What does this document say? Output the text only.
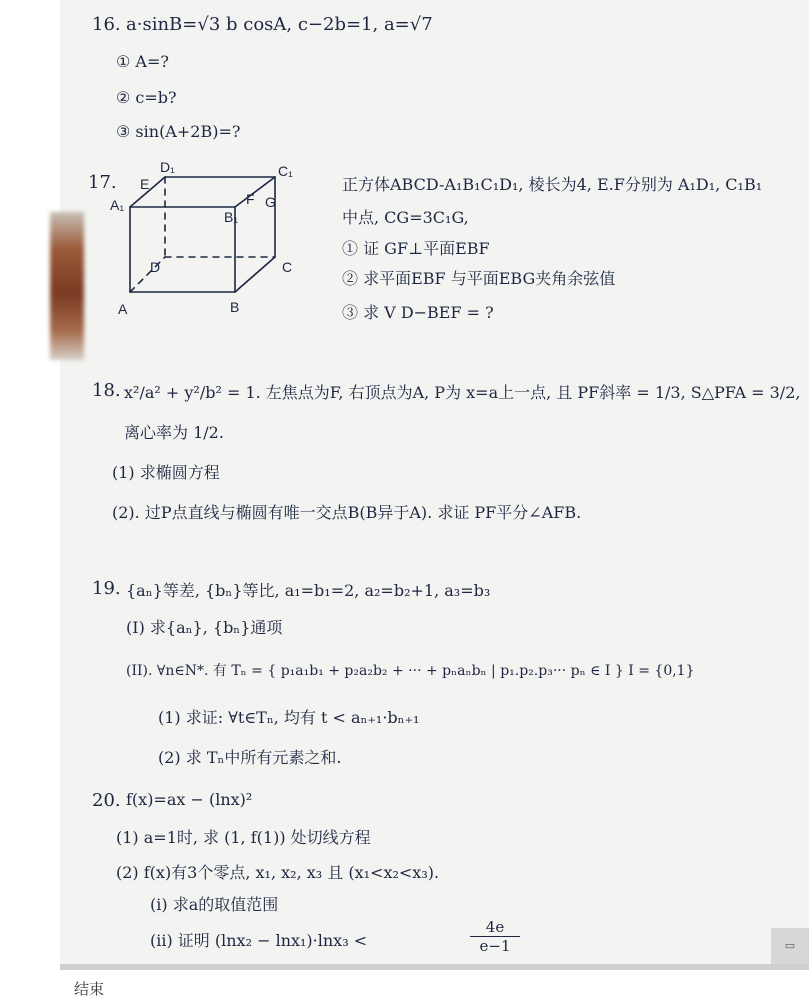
16. a·sinB=√3 b cosA, c−2b=1, a=√7
① A=?
② c=b?
③ sin(A+2B)=?
17.
D₁	C₁
E
A₁
B₁
F G
D	C
A	B
正方体ABCD-A₁B₁C₁D₁, 棱长为4, E.F分别为 A₁D₁, C₁B₁
中点, CG=3C₁G,
① 证 GF⊥平面EBF
② 求平面EBF 与平面EBG夹角余弦值
③ 求 V D−BEF = ?
18. x²/a² + y²/b² = 1. 左焦点为F, 右顶点为A, P为 x=a上一点, 且 PF斜率 = 1/3, S△PFA = 3/2,
离心率为 1/2.
(1) 求椭圆方程
(2). 过P点直线与椭圆有唯一交点B(B异于A). 求证 PF平分∠AFB.
19. {aₙ}等差, {bₙ}等比, a₁=b₁=2, a₂=b₂+1, a₃=b₃
(I) 求{aₙ}, {bₙ}通项
(II). ∀n∈N*. 有 Tₙ = { p₁a₁b₁ + p₂a₂b₂ + ··· + pₙaₙbₙ | p₁.p₂.p₃··· pₙ ∈ I } I = {0,1}
(1) 求证: ∀t∈Tₙ, 均有 t < aₙ₊₁·bₙ₊₁
(2) 求 Tₙ中所有元素之和.
20. f(x)=ax − (lnx)²
(1) a=1时, 求 (1, f(1)) 处切线方程
(2) f(x)有3个零点, x₁, x₂, x₃ 且 (x₁<x₂<x₃).
(i) 求a的取值范围
(ii) 证明 (lnx₂ − lnx₁)·lnx₃ <	$\frac{4e}{e-1}$	▭
结束
